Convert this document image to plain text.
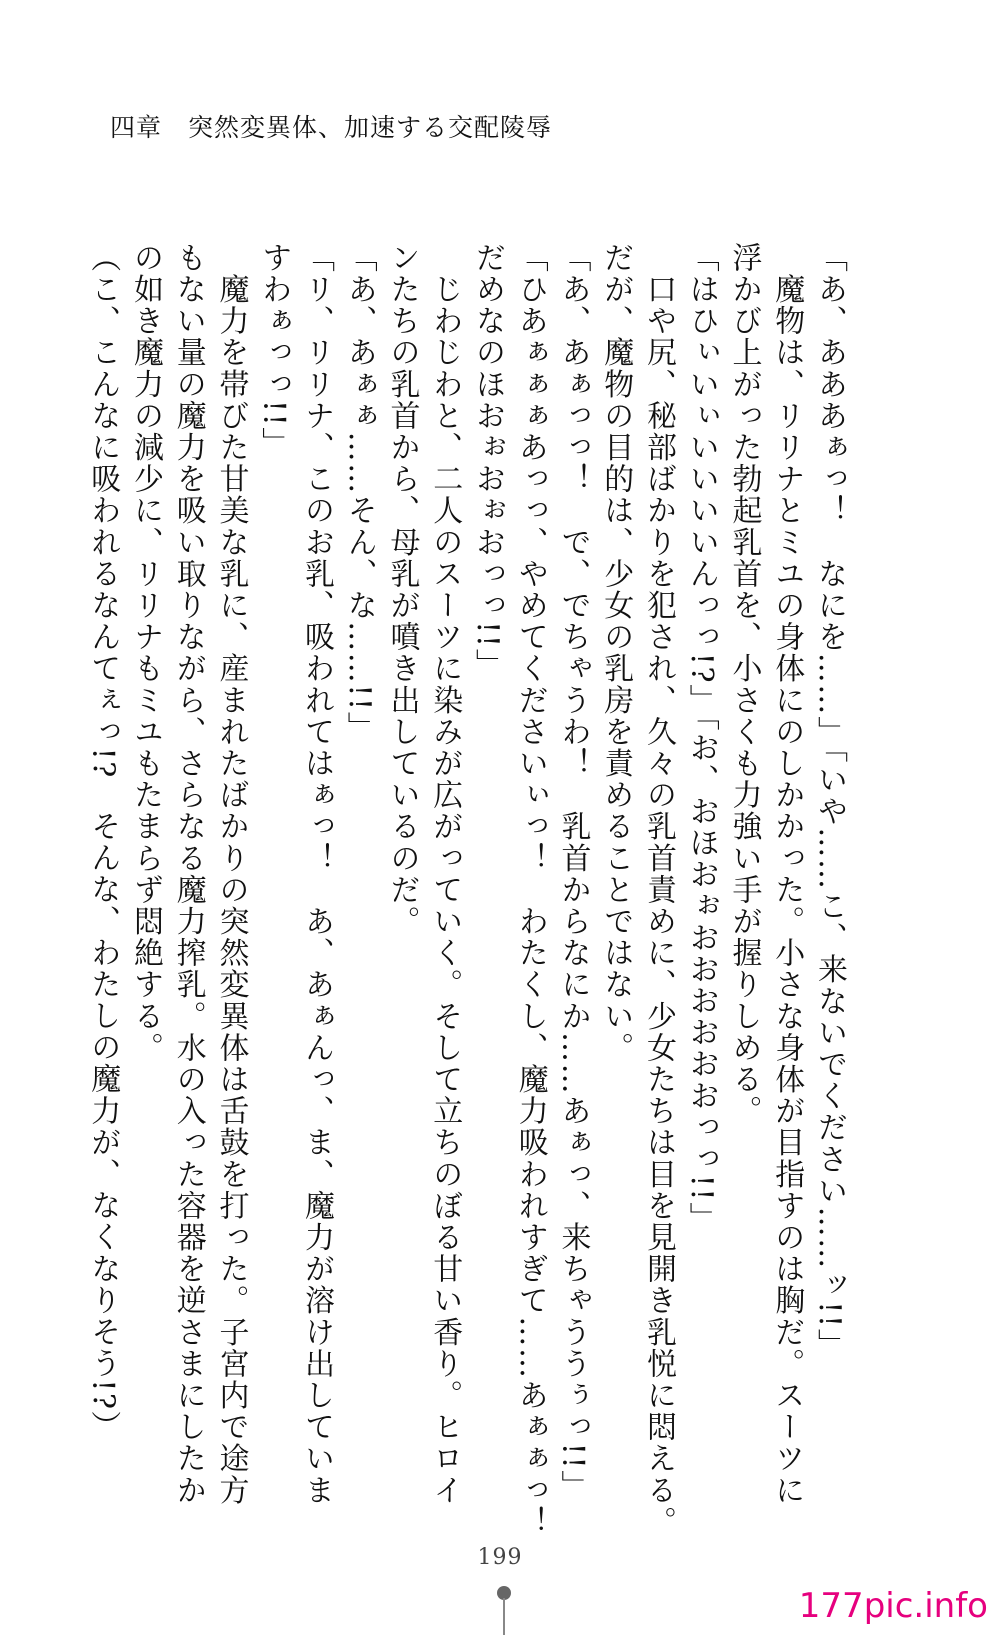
四章　突然変異体、加速する交配陵辱
「あ、あああぁっ！　なにを……」「いや……こ、来ないでください……ッ!!」
　魔物は、リリナとミユの身体にのしかかった。小さな身体が目指すのは胸だ。スーツに
浮かび上がった勃起乳首を、小さくも力強い手が握りしめる。
「はひぃいぃいいいいんっっ!?」「お、おほおぉおおおおおおっっ!!」
　口や尻、秘部ばかりを犯され、久々の乳首責めに、少女たちは目を見開き乳悦に悶える。
だが、魔物の目的は、少女の乳房を責めることではない。
「あ、あぁっっ！　で、でちゃうわ！　乳首からなにか……あぁっ、来ちゃううぅっ!!」
「ひあぁぁぁあっっ、やめてくださいぃっ！　わたくし、魔力吸われすぎて……あぁぁっ！
だめなのほおぉおぉおっっ!!」
　じわじわと、二人のスーツに染みが広がっていく。そして立ちのぼる甘い香り。ヒロイ
ンたちの乳首から、母乳が噴き出しているのだ。
「あ、あぁぁ……そん、な……!!」
「リ、リリナ、このお乳、吸われてはぁっ！　あ、あぁんっ、ま、魔力が溶け出していま
すわぁっっ!!」
　魔力を帯びた甘美な乳に、産まれたばかりの突然変異体は舌鼓を打った。子宮内で途方
もない量の魔力を吸い取りながら、さらなる魔力搾乳。水の入った容器を逆さまにしたか
の如き魔力の減少に、リリナもミユもたまらず悶絶する。
（こ、こんなに吸われるなんてぇっ!?　そんな、わたしの魔力が、なくなりそう!?）
199
177pic.info
